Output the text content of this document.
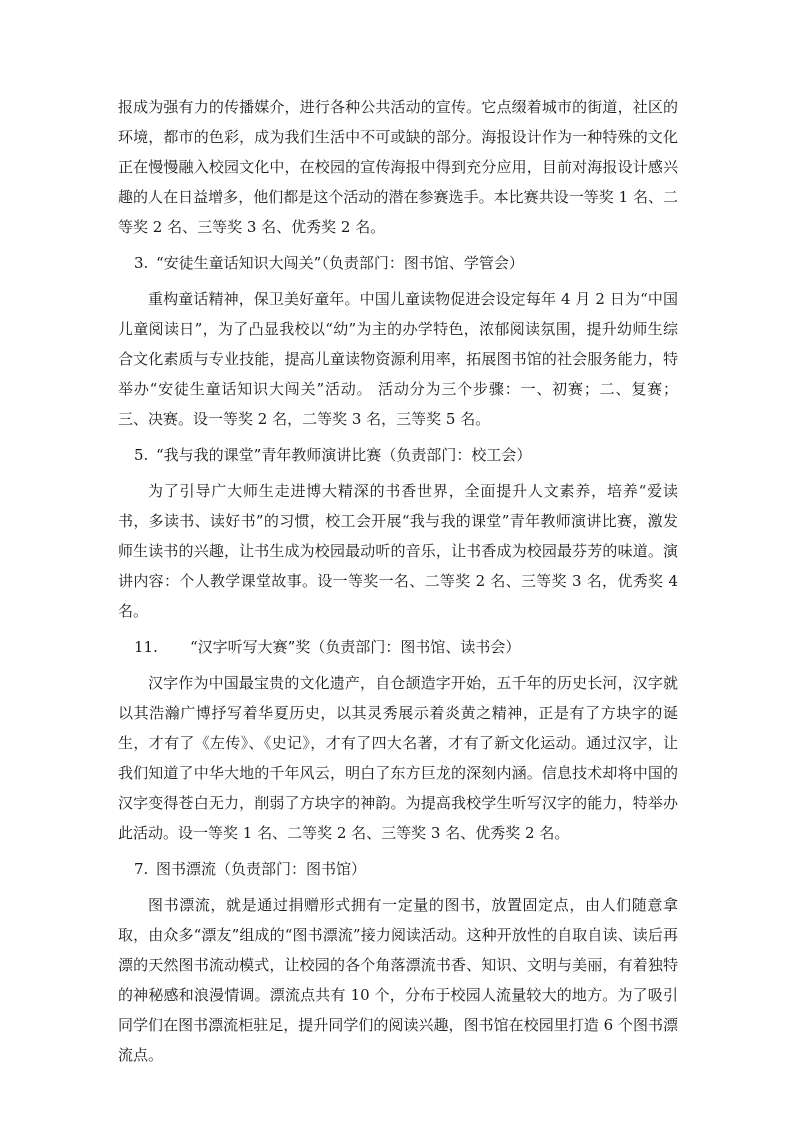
报成为强有力的传播媒介，进行各种公共活动的宣传。它点缀着城市的街道，社区的环境，都市的色彩，成为我们生活中不可或缺的部分。海报设计作为一种特殊的文化正在慢慢融入校园文化中，在校园的宣传海报中得到充分应用，目前对海报设计感兴趣的人在日益增多，他们都是这个活动的潜在参赛选手。本比赛共设一等奖 1 名、二等奖 2 名、三等奖 3 名、优秀奖 2 名。

3. “安徒生童话知识大闯关”（负责部门：图书馆、学管会）

重构童话精神，保卫美好童年。中国儿童读物促进会设定每年 4 月 2 日为“中国儿童阅读日”，为了凸显我校以“幼”为主的办学特色，浓郁阅读氛围，提升幼师生综合文化素质与专业技能，提高儿童读物资源利用率，拓展图书馆的社会服务能力，特举办“安徒生童话知识大闯关”活动。 活动分为三个步骤：一、初赛；二、复赛；三、决赛。设一等奖 2 名，二等奖 3 名，三等奖 5 名。

5. “我与我的课堂”青年教师演讲比赛（负责部门：校工会）

为了引导广大师生走进博大精深的书香世界，全面提升人文素养，培养“爱读书，多读书、读好书”的习惯，校工会开展“我与我的课堂”青年教师演讲比赛，激发师生读书的兴趣，让书生成为校园最动听的音乐，让书香成为校园最芬芳的味道。演讲内容：个人教学课堂故事。设一等奖一名、二等奖 2 名、三等奖 3 名，优秀奖 4 名。

11. “汉字听写大赛”奖（负责部门：图书馆、读书会）

汉字作为中国最宝贵的文化遗产，自仓颉造字开始，五千年的历史长河，汉字就以其浩瀚广博抒写着华夏历史，以其灵秀展示着炎黄之精神，正是有了方块字的诞生，才有了《左传》、《史记》，才有了四大名著，才有了新文化运动。通过汉字，让我们知道了中华大地的千年风云，明白了东方巨龙的深刻内涵。信息技术却将中国的汉字变得苍白无力，削弱了方块字的神韵。为提高我校学生听写汉字的能力，特举办此活动。设一等奖 1 名、二等奖 2 名、三等奖 3 名、优秀奖 2 名。

7. 图书漂流（负责部门：图书馆）

图书漂流，就是通过捐赠形式拥有一定量的图书，放置固定点，由人们随意拿取，由众多“漂友”组成的“图书漂流”接力阅读活动。这种开放性的自取自读、读后再漂的天然图书流动模式，让校园的各个角落漂流书香、知识、文明与美丽，有着独特的神秘感和浪漫情调。漂流点共有 10 个，分布于校园人流量较大的地方。为了吸引同学们在图书漂流柜驻足，提升同学们的阅读兴趣，图书馆在校园里打造 6 个图书漂流点。
